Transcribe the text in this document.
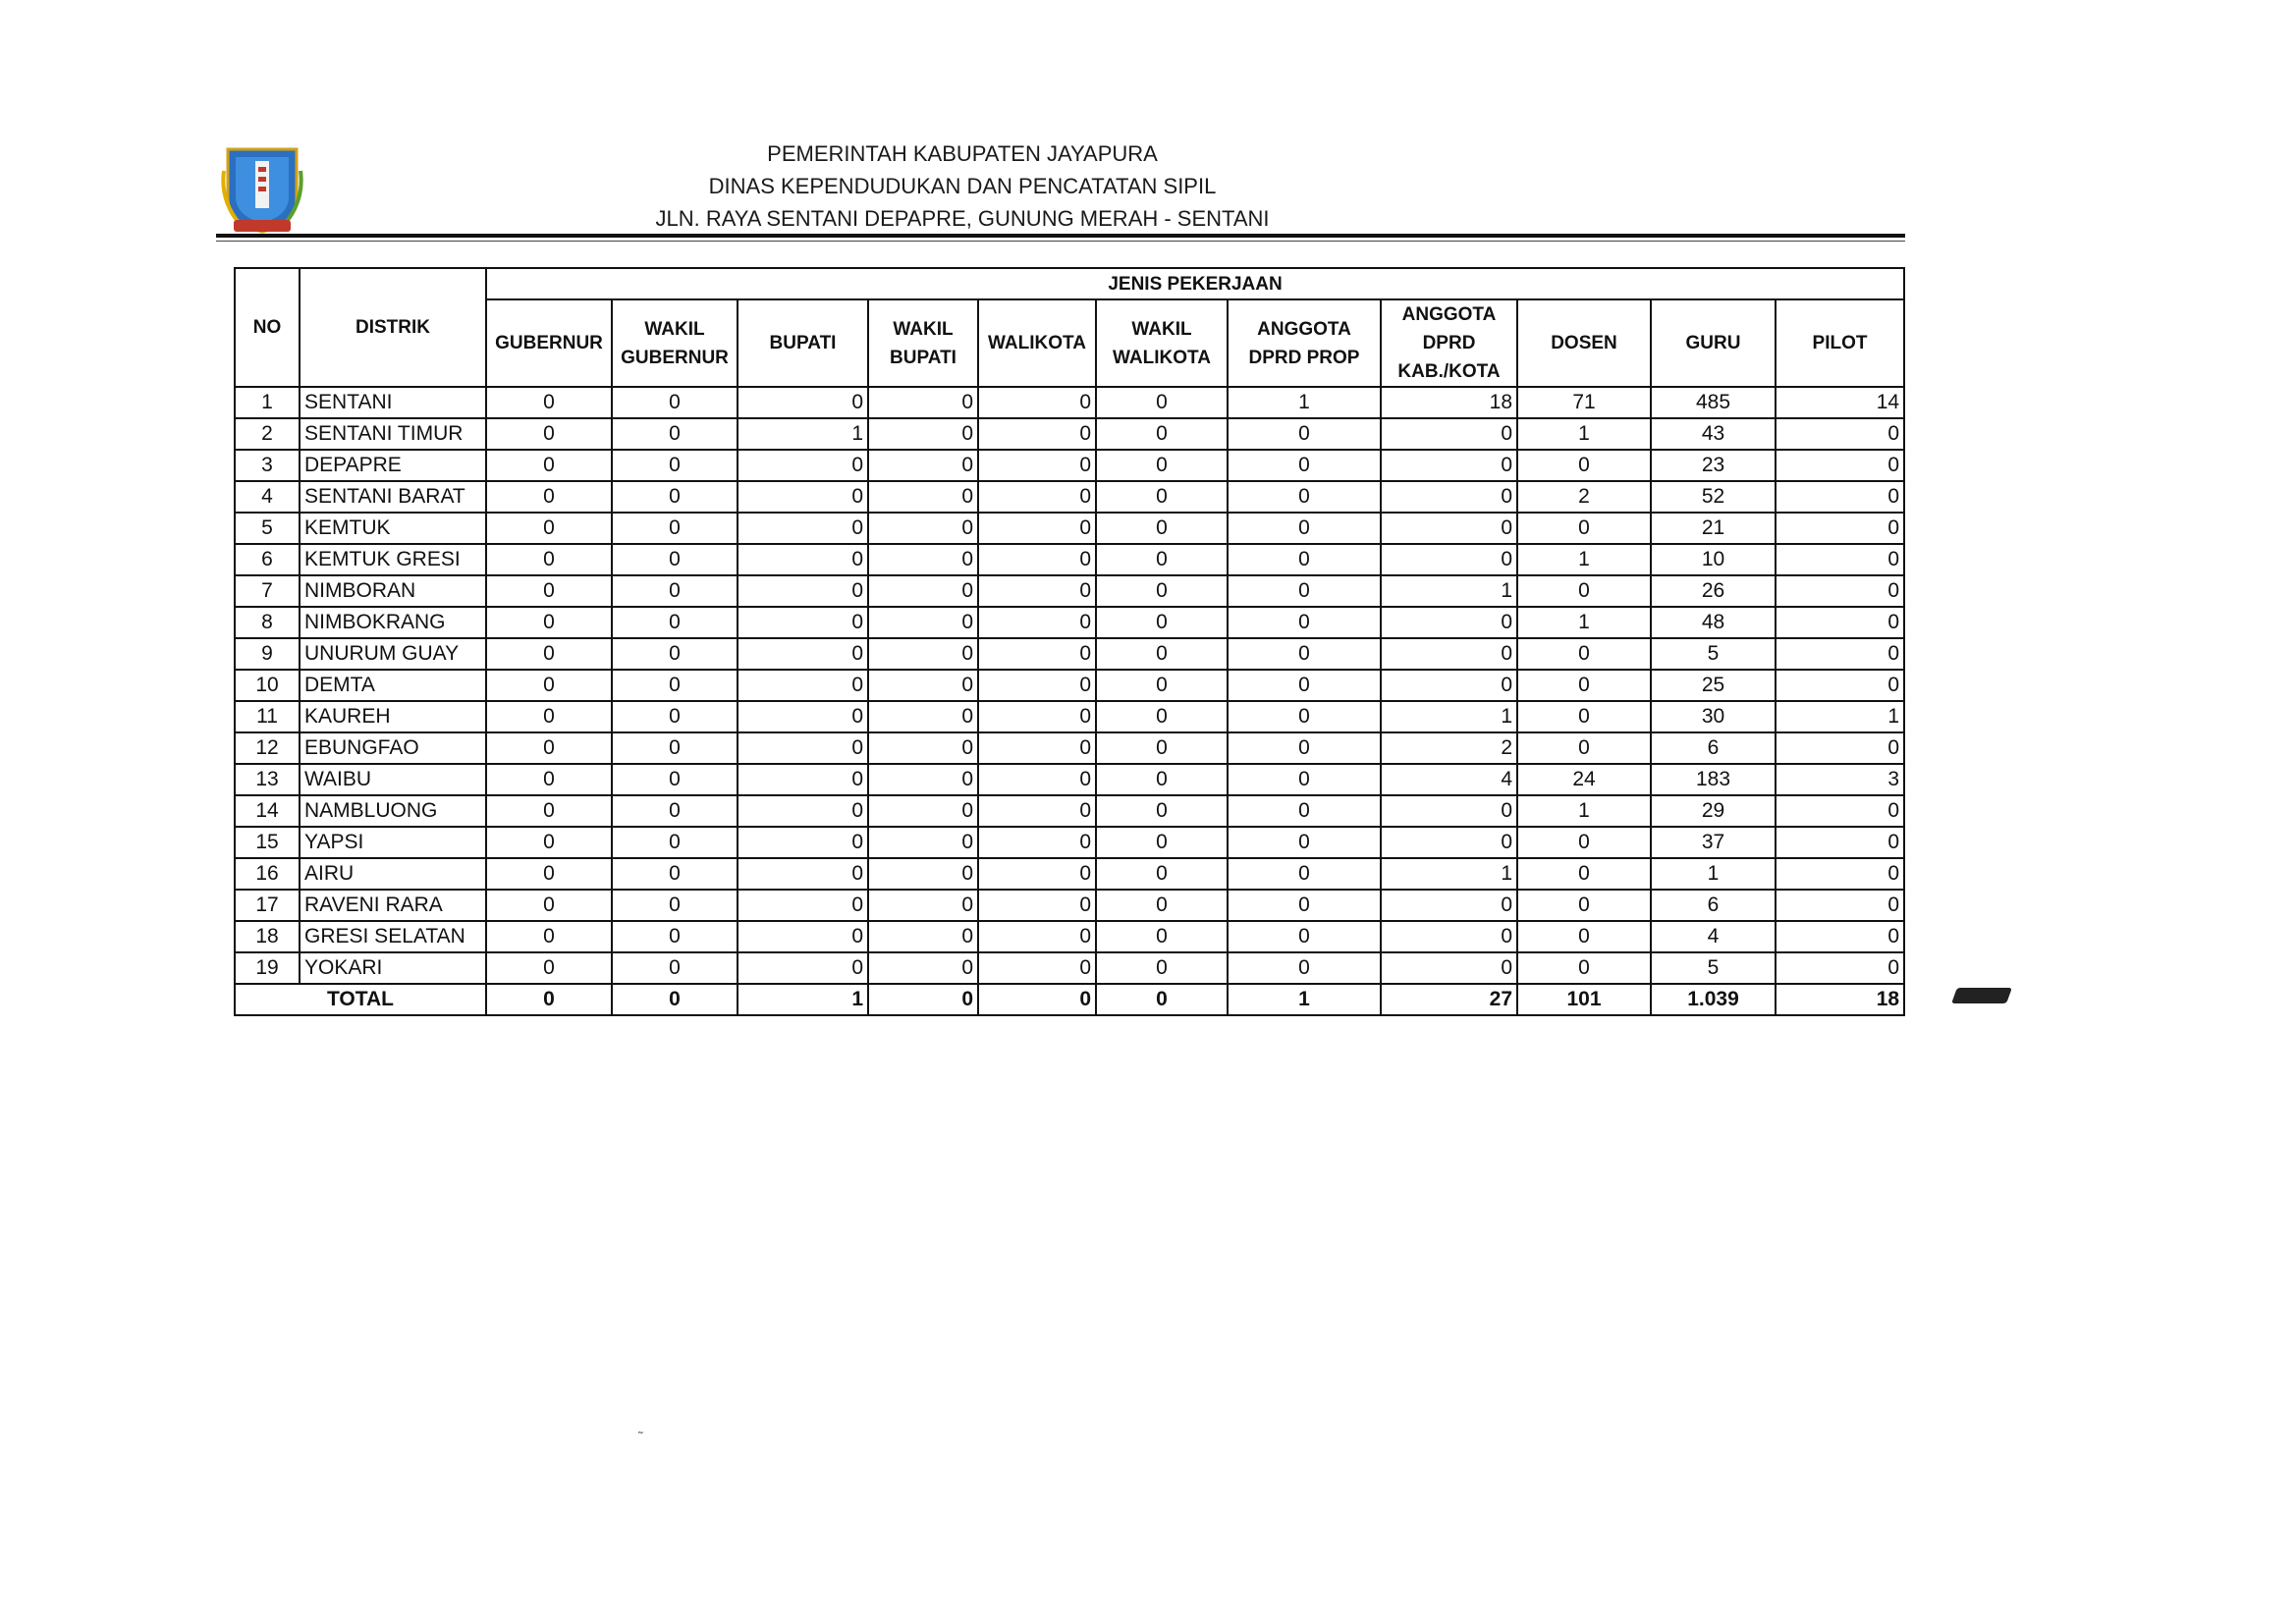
PEMERINTAH KABUPATEN JAYAPURA
DINAS KEPENDUDUKAN DAN PENCATATAN SIPIL
JLN. RAYA SENTANI DEPAPRE, GUNUNG MERAH - SENTANI
NO	DISTRIK	JENIS PEKERJAAN										
		GUBERNUR	WAKIL GUBERNUR	BUPATI	WAKIL BUPATI	WALIKOTA	WAKIL WALIKOTA	ANGGOTA DPRD PROP	ANGGOTA DPRD KAB./KOTA	DOSEN	GURU	PILOT
1	SENTANI	0	0	0	0	0	0	1	18	71	485	14
2	SENTANI TIMUR	0	0	1	0	0	0	0	0	1	43	0
3	DEPAPRE	0	0	0	0	0	0	0	0	0	23	0
4	SENTANI BARAT	0	0	0	0	0	0	0	0	2	52	0
5	KEMTUK	0	0	0	0	0	0	0	0	0	21	0
6	KEMTUK GRESI	0	0	0	0	0	0	0	0	1	10	0
7	NIMBORAN	0	0	0	0	0	0	0	1	0	26	0
8	NIMBOKRANG	0	0	0	0	0	0	0	0	1	48	0
9	UNURUM GUAY	0	0	0	0	0	0	0	0	0	5	0
10	DEMTA	0	0	0	0	0	0	0	0	0	25	0
11	KAUREH	0	0	0	0	0	0	0	1	0	30	1
12	EBUNGFAO	0	0	0	0	0	0	0	2	0	6	0
13	WAIBU	0	0	0	0	0	0	0	4	24	183	3
14	NAMBLUONG	0	0	0	0	0	0	0	0	1	29	0
15	YAPSI	0	0	0	0	0	0	0	0	0	37	0
16	AIRU	0	0	0	0	0	0	0	1	0	1	0
17	RAVENI RARA	0	0	0	0	0	0	0	0	0	6	0
18	GRESI SELATAN	0	0	0	0	0	0	0	0	0	4	0
19	YOKARI	0	0	0	0	0	0	0	0	0	5	0
TOTAL		0	0	1	0	0	0	1	27	101	1.039	18
˜
